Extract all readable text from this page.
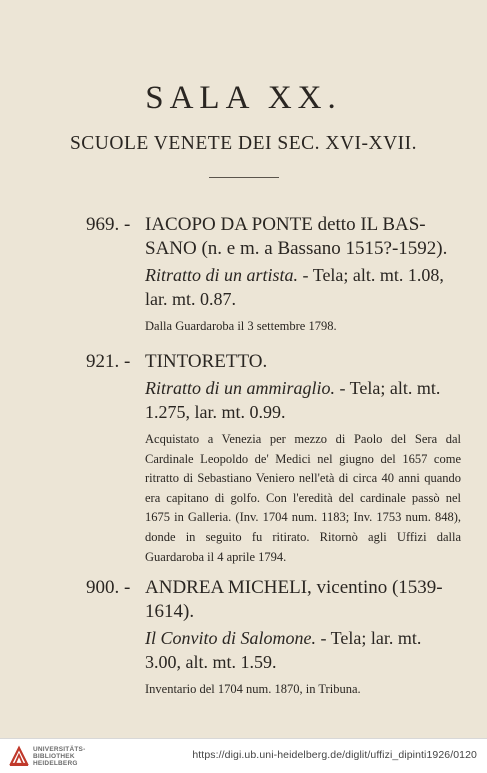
SALA XX.
SCUOLE VENETE DEI SEC. XVI-XVII.
969. - IACOPO DA PONTE detto IL BAS-
SANO (n. e m. a Bassano 1515?-1592).
Ritratto di un artista. - Tela; alt. mt. 1.08, lar. mt. 0.87.
Dalla Guardaroba il 3 settembre 1798.
921. - TINTORETTO.
Ritratto di un ammiraglio. - Tela; alt. mt. 1.275, lar. mt. 0.99.
Acquistato a Venezia per mezzo di Paolo del Sera dal Cardinale Leopoldo de' Medici nel giugno del 1657 come ritratto di Sebastiano Veniero nell'età di circa 40 anni quando era capitano di golfo. Con l'eredità del cardinale passò nel 1675 in Galleria. (Inv. 1704 num. 1183; Inv. 1753 num. 848), donde in seguito fu ritirato. Ritornò agli Uffizi dalla Guardaroba il 4 aprile 1794.
900. - ANDREA MICHELI, vicentino (1539-
1614).
Il Convito di Salomone. - Tela; lar. mt. 3.00, alt. mt. 1.59.
Inventario del 1704 num. 1870, in Tribuna.
UNIVERSITÄTS-
BIBLIOTHEK
HEIDELBERG
https://digi.ub.uni-heidelberg.de/diglit/uffizi_dipinti1926/0120
